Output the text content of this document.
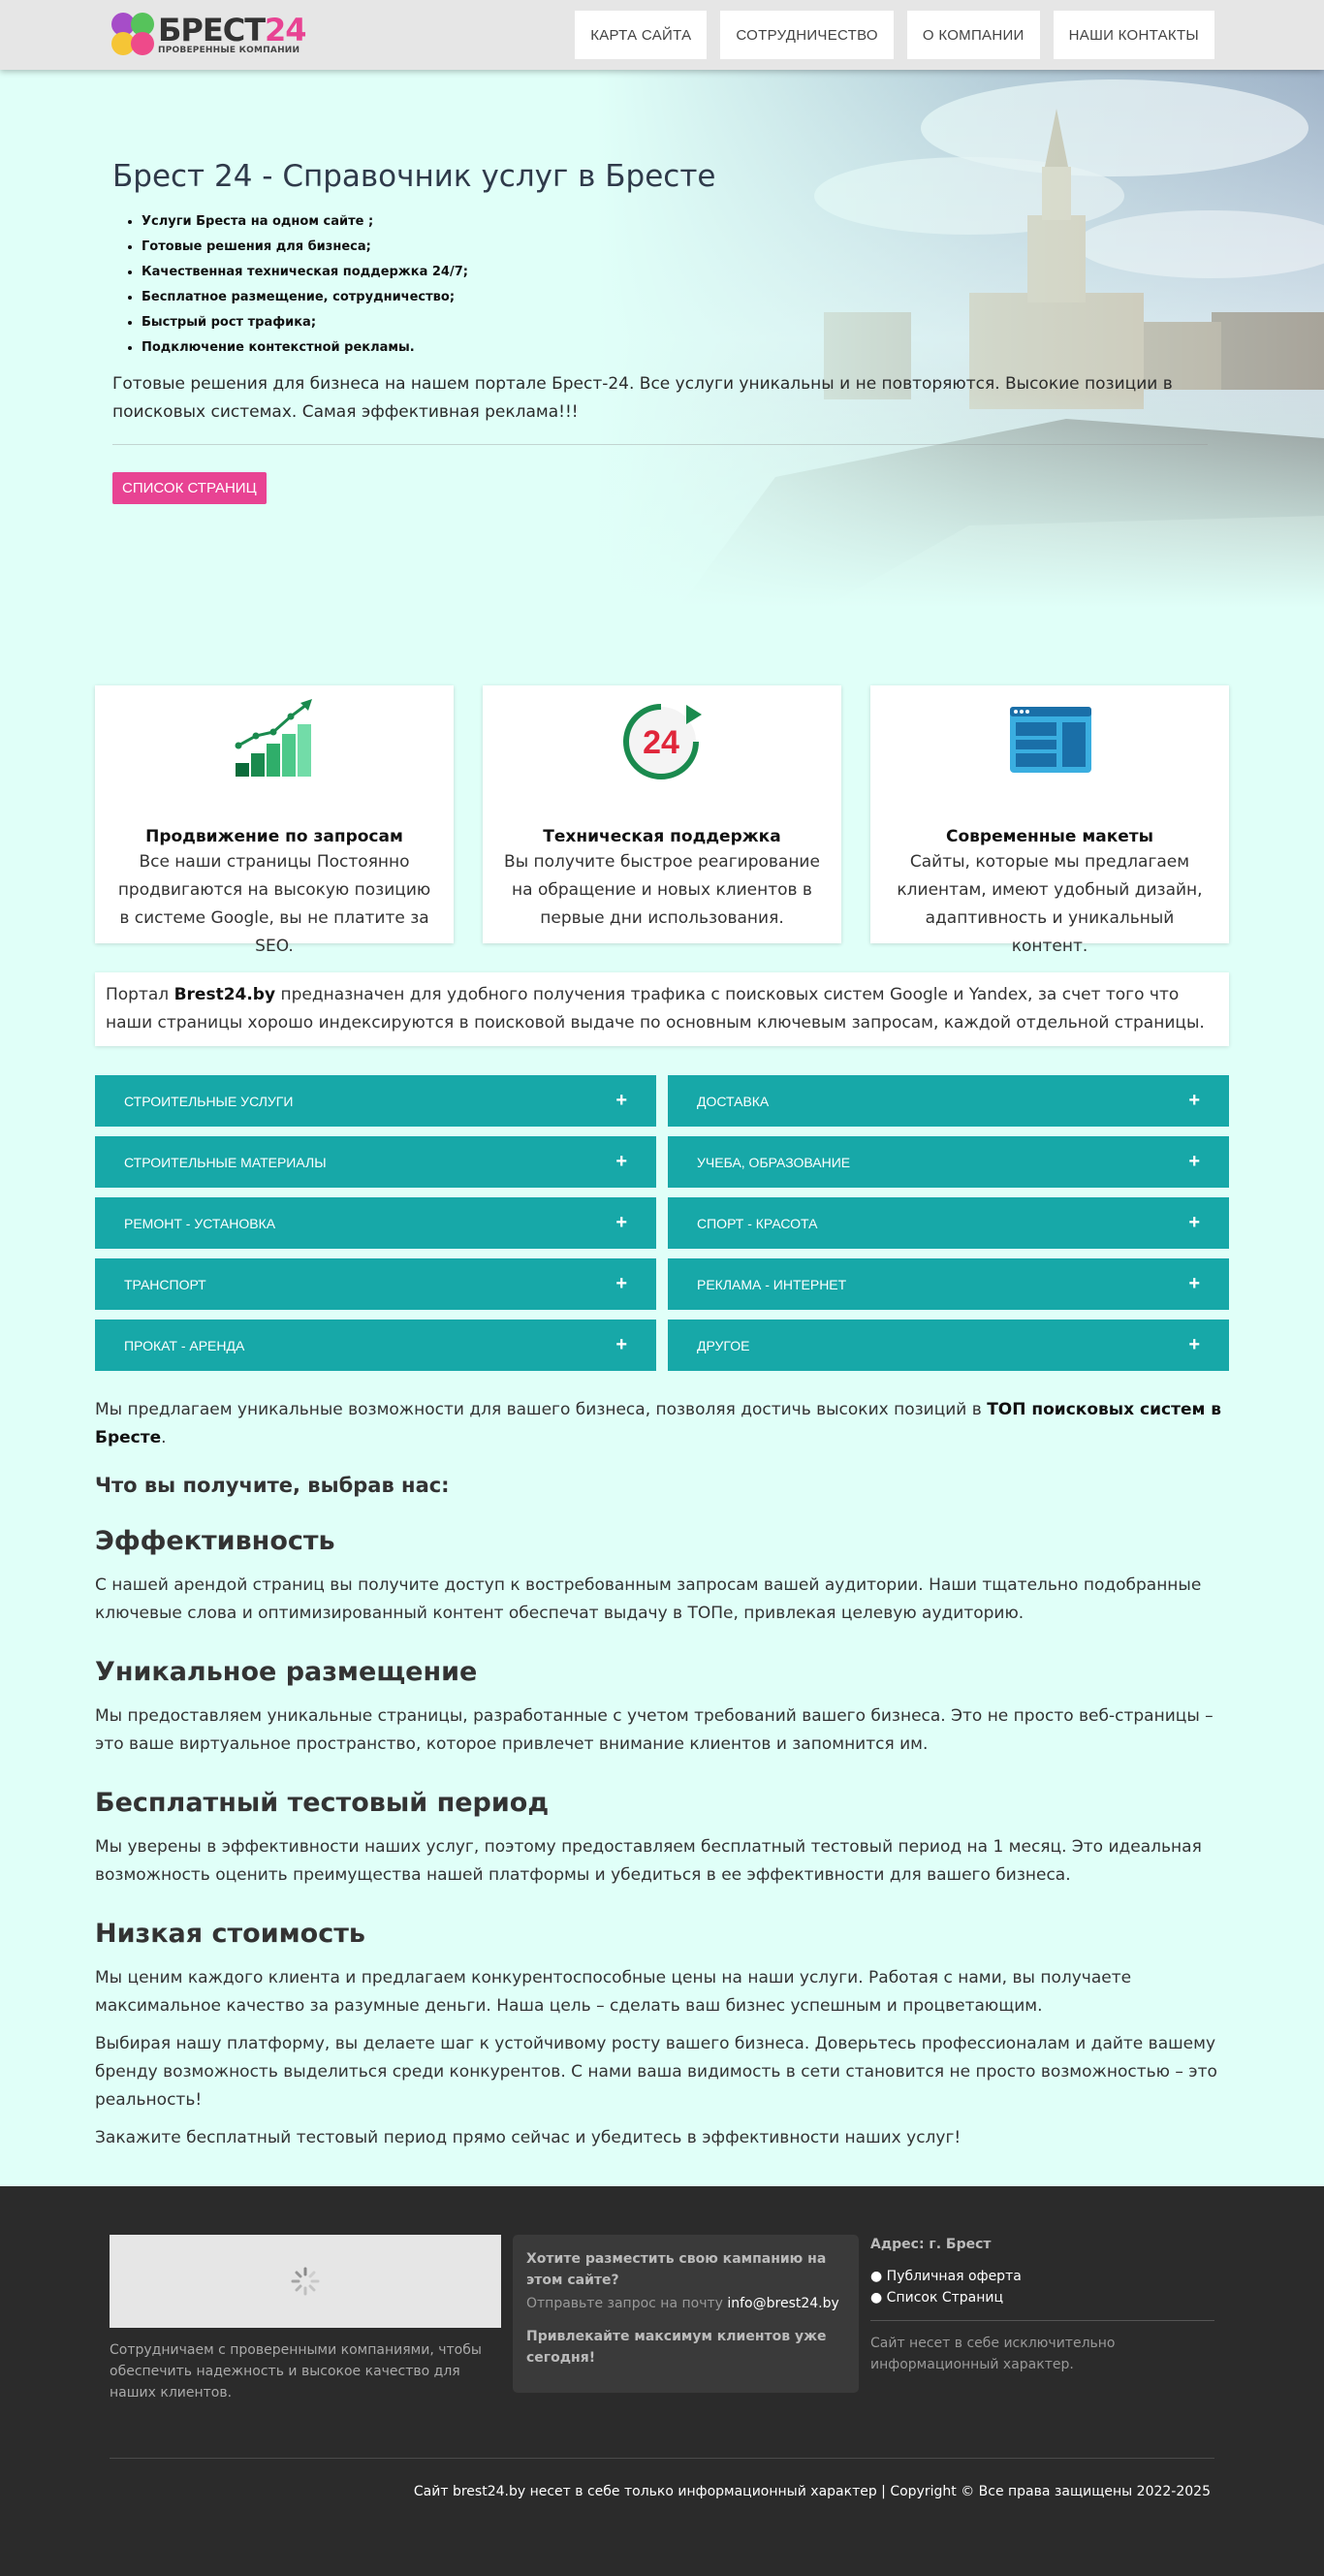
БРЕСТ24
ПРОВЕРЕННЫЕ КОМПАНИИ
КАРТА САЙТА	СОТРУДНИЧЕСТВО	О КОМПАНИИ	НАШИ КОНТАКТЫ
Брест 24 - Справочник услуг в Бресте
• Услуги Бреста на одном сайте ;
• Готовые решения для бизнеса;
• Качественная техническая поддержка 24/7;
• Бесплатное размещение, сотрудничество;
• Быстрый рост трафика;
• Подключение контекстной рекламы.

Готовые решения для бизнеса на нашем портале Брест-24. Все услуги уникальны и не повторяются. Высокие позиции в поисковых системах. Самая эффективная реклама!!!

СПИСОК СТРАНИЦ
Продвижение по запросам
Все наши страницы Постоянно продвигаются на высокую позицию в системе Google, вы не платите за SEO.
24
Техническая поддержка
Вы получите быстрое реагирование на обращение и новых клиентов в первые дни использования.
Современные макеты
Сайты, которые мы предлагаем клиентам, имеют удобный дизайн, адаптивность и уникальный контент.
Портал Brest24.by предназначен для удобного получения трафика с поисковых систем Google и Yandex, за счет того что наши страницы хорошо индексируются в поисковой выдаче по основным ключевым запросам, каждой отдельной страницы.
СТРОИТЕЛЬНЫЕ УСЛУГИ	+	ДОСТАВКА	+
СТРОИТЕЛЬНЫЕ МАТЕРИАЛЫ	+	УЧЕБА, ОБРАЗОВАНИЕ	+
РЕМОНТ - УСТАНОВКА	+	СПОРТ - КРАСОТА	+
ТРАНСПОРТ	+	РЕКЛАМА - ИНТЕРНЕТ	+
ПРОКАТ - АРЕНДА	+	ДРУГОЕ	+

Мы предлагаем уникальные возможности для вашего бизнеса, позволяя достичь высоких позиций в ТОП поисковых систем в Бресте.

Что вы получите, выбрав нас:
Эффективность

С нашей арендой страниц вы получите доступ к востребованным запросам вашей аудитории. Наши тщательно подобранные ключевые слова и оптимизированный контент обеспечат выдачу в ТОПе, привлекая целевую аудиторию.

Уникальное размещение

Мы предоставляем уникальные страницы, разработанные с учетом требований вашего бизнеса. Это не просто веб-страницы – это ваше виртуальное пространство, которое привлечет внимание клиентов и запомнится им.

Бесплатный тестовый период

Мы уверены в эффективности наших услуг, поэтому предоставляем бесплатный тестовый период на 1 месяц. Это идеальная возможность оценить преимущества нашей платформы и убедиться в ее эффективности для вашего бизнеса.

Низкая стоимость

Мы ценим каждого клиента и предлагаем конкурентоспособные цены на наши услуги. Работая с нами, вы получаете максимальное качество за разумные деньги. Наша цель – сделать ваш бизнес успешным и процветающим.

Выбирая нашу платформу, вы делаете шаг к устойчивому росту вашего бизнеса. Доверьтесь профессионалам и дайте вашему бренду возможность выделиться среди конкурентов. С нами ваша видимость в сети становится не просто возможностью – это реальность!

Закажите бесплатный тестовый период прямо сейчас и убедитесь в эффективности наших услуг!

Сотрудничаем с проверенными компаниями, чтобы обеспечить надежность и высокое качество для наших клиентов.

Хотите разместить свою кампанию на этом сайте?
Отправьте запрос на почту info@brest24.by
Привлекайте максимум клиентов уже сегодня!
Адрес: г. Брест
● Публичная оферта
● Список Страниц

Сайт несет в себе исключительно информационный характер.

Сайт brest24.by несет в себе только информационный характер | Copyright © Все права защищены 2022-2025
